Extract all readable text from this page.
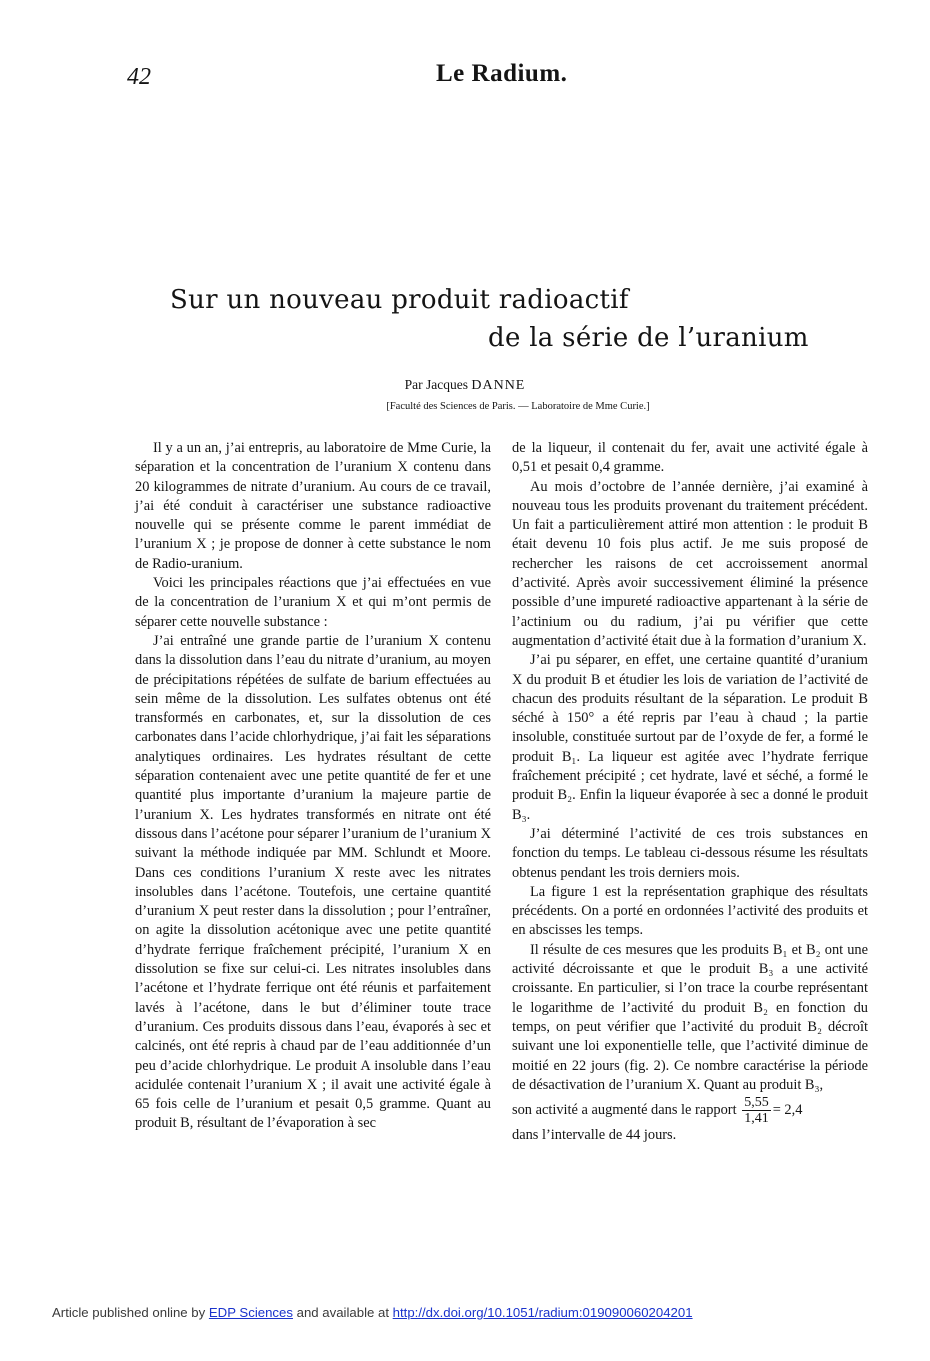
42	Le Radium.
Sur un nouveau produit radioactif
de la série de l’uranium
Par Jacques DANNE
[Faculté des Sciences de Paris. — Laboratoire de Mme Curie.]

Il y a un an, j’ai entrepris, au laboratoire de Mme Curie, la séparation et la concentration de l’uranium X contenu dans 20 kilogrammes de nitrate d’uranium. Au cours de ce travail, j’ai été conduit à caractériser une substance radioactive nouvelle qui se présente comme le parent immédiat de l’uranium X ; je propose de donner à cette substance le nom de Radio-uranium.

Voici les principales réactions que j’ai effectuées en vue de la concentration de l’uranium X et qui m’ont permis de séparer cette nouvelle substance :

J’ai entraîné une grande partie de l’uranium X contenu dans la dissolution dans l’eau du nitrate d’uranium, au moyen de précipitations répétées de sulfate de barium effectuées au sein même de la dissolution. Les sulfates obtenus ont été transformés en carbonates, et, sur la dissolution de ces carbonates dans l’acide chlorhydrique, j’ai fait les séparations analytiques ordinaires. Les hydrates résultant de cette séparation contenaient avec une petite quantité de fer et une quantité plus importante d’uranium la majeure partie de l’uranium X. Les hydrates transformés en nitrate ont été dissous dans l’acétone pour séparer l’uranium de l’uranium X suivant la méthode indiquée par MM. Schlundt et Moore. Dans ces conditions l’uranium X reste avec les nitrates insolubles dans l’acétone. Toutefois, une certaine quantité d’uranium X peut rester dans la dissolution ; pour l’entraîner, on agite la dissolution acétonique avec une petite quantité d’hydrate ferrique fraîchement précipité, l’uranium X en dissolution se fixe sur celui-ci. Les nitrates insolubles dans l’acétone et l’hydrate ferrique ont été réunis et parfaitement lavés à l’acétone, dans le but d’éliminer toute trace d’uranium. Ces produits dissous dans l’eau, évaporés à sec et calcinés, ont été repris à chaud par de l’eau additionnée d’un peu d’acide chlorhydrique. Le produit A insoluble dans l’eau acidulée contenait l’uranium X ; il avait une activité égale à 65 fois celle de l’uranium et pesait 0,5 gramme. Quant au produit B, résultant de l’évaporation à sec

de la liqueur, il contenait du fer, avait une activité égale à 0,51 et pesait 0,4 gramme.

Au mois d’octobre de l’année dernière, j’ai examiné à nouveau tous les produits provenant du traitement précédent. Un fait a particulièrement attiré mon attention : le produit B était devenu 10 fois plus actif. Je me suis proposé de rechercher les raisons de cet accroissement anormal d’activité. Après avoir successivement éliminé la présence possible d’une impureté radioactive appartenant à la série de l’actinium ou du radium, j’ai pu vérifier que cette augmentation d’activité était due à la formation d’uranium X.

J’ai pu séparer, en effet, une certaine quantité d’uranium X du produit B et étudier les lois de variation de l’activité de chacun des produits résultant de la séparation. Le produit B séché à 150° a été repris par l’eau à chaud ; la partie insoluble, constituée surtout par de l’oxyde de fer, a formé le produit B₁. La liqueur est agitée avec l’hydrate ferrique fraîchement précipité ; cet hydrate, lavé et séché, a formé le produit B₂. Enfin la liqueur évaporée à sec a donné le produit B₃.

J’ai déterminé l’activité de ces trois substances en fonction du temps. Le tableau ci-dessous résume les résultats obtenus pendant les trois derniers mois.

La figure 1 est la représentation graphique des résultats précédents. On a porté en ordonnées l’activité des produits et en abscisses les temps.

Il résulte de ces mesures que les produits B₁ et B₂ ont une activité décroissante et que le produit B₃ a une activité croissante. En particulier, si l’on trace la courbe représentant le logarithme de l’activité du produit B₂ en fonction du temps, on peut vérifier que l’activité du produit B₂ décroît suivant une loi exponentielle telle, que l’activité diminue de moitié en 22 jours (fig. 2). Ce nombre caractérise la période de désactivation de l’uranium X. Quant au produit B₃,

son activité a augmenté dans le rapport $\frac{5,55}{1,41} = 2,4$

dans l’intervalle de 44 jours.

Article published online by EDP Sciences and available at http://dx.doi.org/10.1051/radium:019090060204201
